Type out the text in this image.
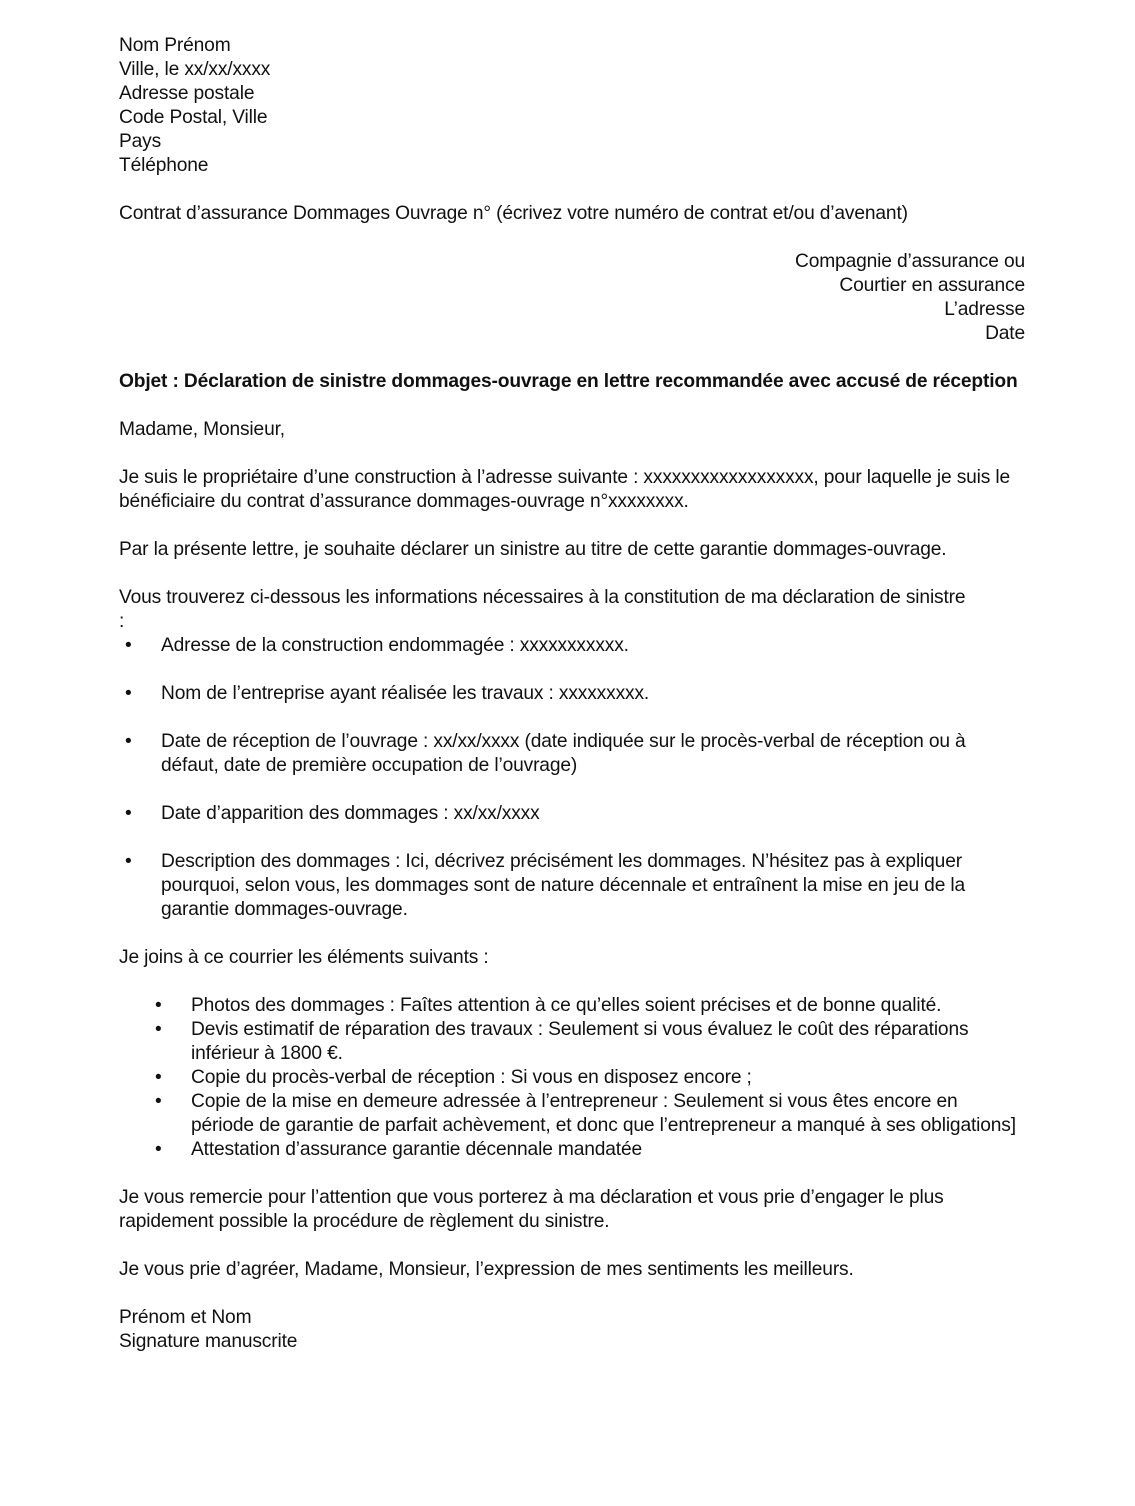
Nom Prénom
Ville, le xx/xx/xxxx
Adresse postale
Code Postal, Ville
Pays
Téléphone

Contrat d’assurance Dommages Ouvrage n° (écrivez votre numéro de contrat et/ou d’avenant)

Compagnie d’assurance ou
Courtier en assurance
L’adresse
Date

Objet : Déclaration de sinistre dommages-ouvrage en lettre recommandée avec accusé de réception

Madame, Monsieur,

Je suis le propriétaire d’une construction à l’adresse suivante : xxxxxxxxxxxxxxxxxx, pour laquelle je suis le bénéficiaire du contrat d’assurance dommages-ouvrage n°xxxxxxxx.

Par la présente lettre, je souhaite déclarer un sinistre au titre de cette garantie dommages-ouvrage.

Vous trouverez ci-dessous les informations nécessaires à la constitution de ma déclaration de sinistre
:

• Adresse de la construction endommagée : xxxxxxxxxxx.
• Nom de l’entreprise ayant réalisée les travaux : xxxxxxxxx.
• Date de réception de l’ouvrage : xx/xx/xxxx (date indiquée sur le procès-verbal de réception ou à défaut, date de première occupation de l’ouvrage)
• Date d’apparition des dommages : xx/xx/xxxx
• Description des dommages : Ici, décrivez précisément les dommages. N’hésitez pas à expliquer pourquoi, selon vous, les dommages sont de nature décennale et entraînent la mise en jeu de la garantie dommages-ouvrage.

Je joins à ce courrier les éléments suivants :

• Photos des dommages : Faîtes attention à ce qu’elles soient précises et de bonne qualité.
• Devis estimatif de réparation des travaux : Seulement si vous évaluez le coût des réparations inférieur à 1800 €.
• Copie du procès-verbal de réception : Si vous en disposez encore ;
• Copie de la mise en demeure adressée à l’entrepreneur : Seulement si vous êtes encore en période de garantie de parfait achèvement, et donc que l’entrepreneur a manqué à ses obligations]
• Attestation d’assurance garantie décennale mandatée

Je vous remercie pour l’attention que vous porterez à ma déclaration et vous prie d’engager le plus rapidement possible la procédure de règlement du sinistre.

Je vous prie d’agréer, Madame, Monsieur, l’expression de mes sentiments les meilleurs.

Prénom et Nom
Signature manuscrite
